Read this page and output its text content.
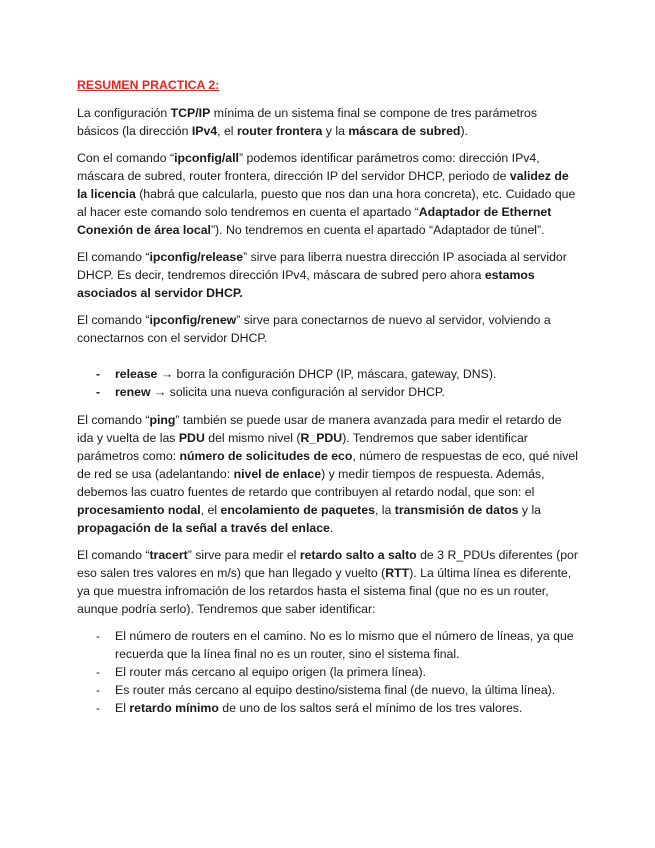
RESUMEN PRACTICA 2:

La configuración TCP/IP mínima de un sistema final se compone de tres parámetros básicos (la dirección IPv4, el router frontera y la máscara de subred).

Con el comando “ipconfig/all” podemos identificar parámetros como: dirección IPv4, máscara de subred, router frontera, dirección IP del servidor DHCP, periodo de validez de la licencia (habrá que calcularla, puesto que nos dan una hora concreta), etc. Cuidado que al hacer este comando solo tendremos en cuenta el apartado “Adaptador de Ethernet Conexión de área local”). No tendremos en cuenta el apartado “Adaptador de túnel”.

El comando “ipconfig/release” sirve para liberra nuestra dirección IP asociada al servidor DHCP. Es decir, tendremos dirección IPv4, máscara de subred pero ahora estamos asociados al servidor DHCP.

El comando “ipconfig/renew” sirve para conectarnos de nuevo al servidor, volviendo a conectarnos con el servidor DHCP.

- release → borra la configuración DHCP (IP, máscara, gateway, DNS).
- renew → solicita una nueva configuración al servidor DHCP.

El comando “ping” también se puede usar de manera avanzada para medir el retardo de ida y vuelta de las PDU del mismo nivel (R_PDU). Tendremos que saber identificar parámetros como: número de solicitudes de eco, número de respuestas de eco, qué nivel de red se usa (adelantando: nivel de enlace) y medir tiempos de respuesta. Además, debemos las cuatro fuentes de retardo que contribuyen al retardo nodal, que son: el procesamiento nodal, el encolamiento de paquetes, la transmisión de datos y la propagación de la señal a través del enlace.

El comando “tracert” sirve para medir el retardo salto a salto de 3 R_PDUs diferentes (por eso salen tres valores en m/s) que han llegado y vuelto (RTT). La última línea es diferente, ya que muestra infromación de los retardos hasta el sistema final (que no es un router, aunque podría serlo). Tendremos que saber identificar:

- El número de routers en el camino. No es lo mismo que el número de líneas, ya que recuerda que la línea final no es un router, sino el sistema final.
- El router más cercano al equipo origen (la primera línea).
- Es router más cercano al equipo destino/sistema final (de nuevo, la última línea).
- El retardo mínimo de uno de los saltos será el mínimo de los tres valores.
